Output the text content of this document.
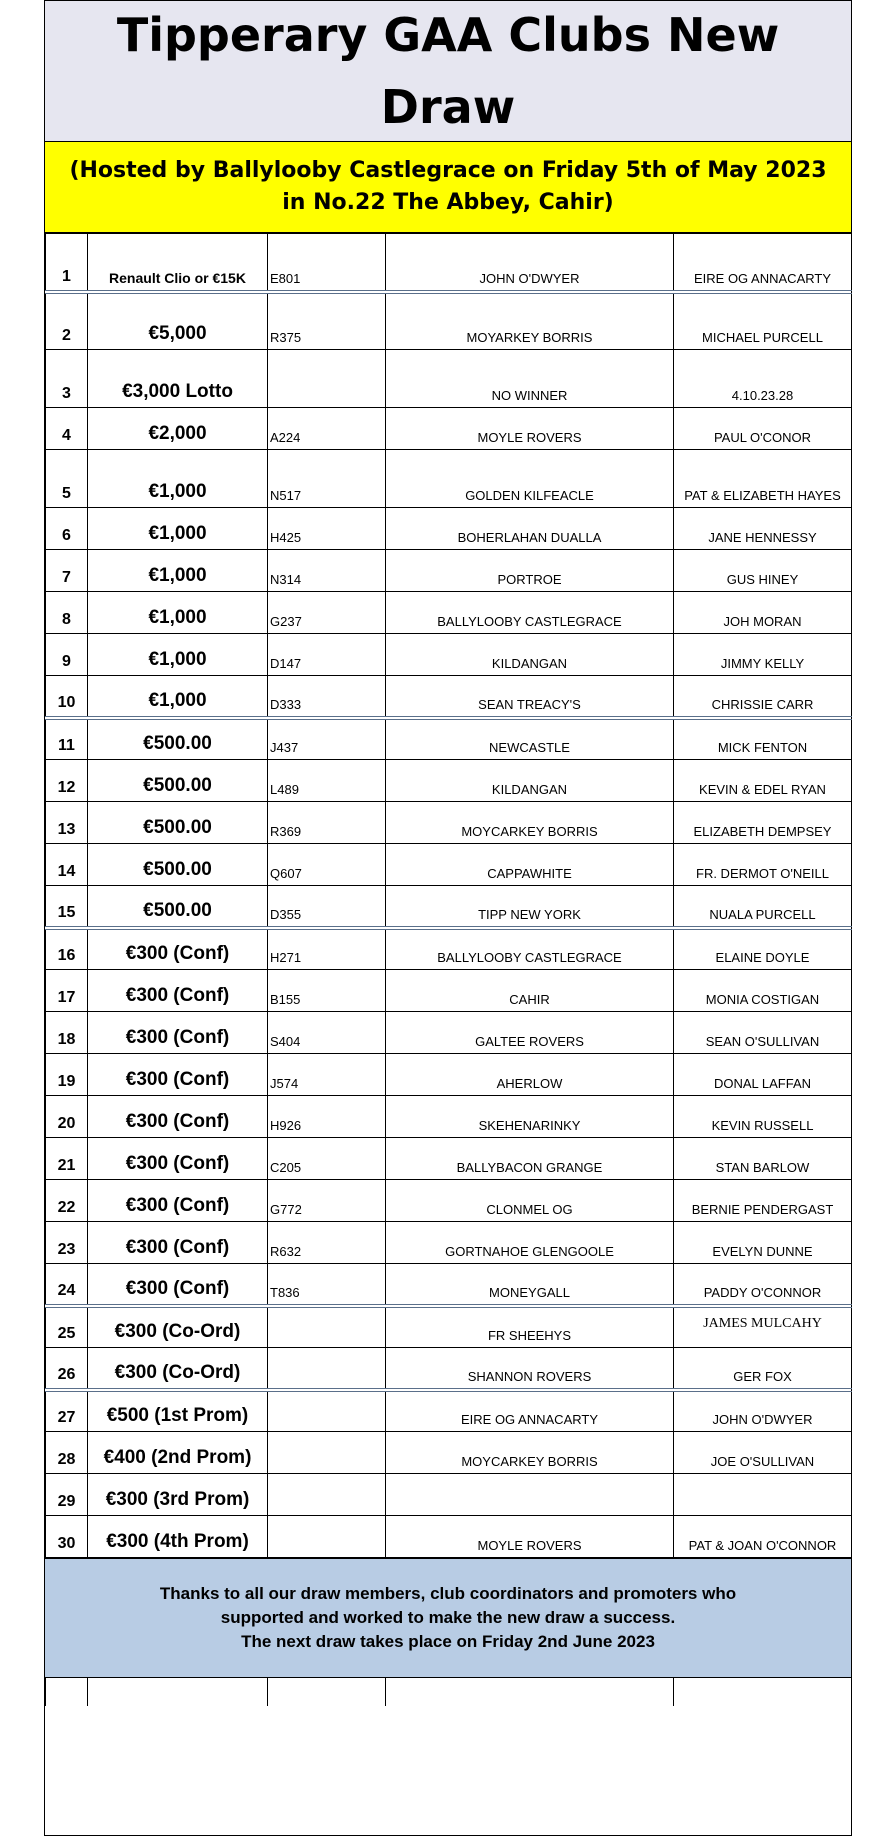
Tipperary GAA Clubs New Draw
(Hosted by Ballylooby Castlegrace on Friday 5th of May 2023 in No.22 The Abbey, Cahir)
1	Renault Clio or €15K	E801	JOHN O'DWYER	EIRE OG ANNACARTY
2	€5,000	R375	MOYARKEY BORRIS	MICHAEL PURCELL
3	€3,000 Lotto		NO WINNER	4.10.23.28
4	€2,000	A224	MOYLE ROVERS	PAUL O'CONOR
5	€1,000	N517	GOLDEN KILFEACLE	PAT & ELIZABETH HAYES
6	€1,000	H425	BOHERLAHAN DUALLA	JANE HENNESSY
7	€1,000	N314	PORTROE	GUS HINEY
8	€1,000	G237	BALLYLOOBY CASTLEGRACE	JOH MORAN
9	€1,000	D147	KILDANGAN	JIMMY KELLY
10	€1,000	D333	SEAN TREACY'S	CHRISSIE CARR
11	€500.00	J437	NEWCASTLE	MICK FENTON
12	€500.00	L489	KILDANGAN	KEVIN & EDEL RYAN
13	€500.00	R369	MOYCARKEY BORRIS	ELIZABETH DEMPSEY
14	€500.00	Q607	CAPPAWHITE	FR. DERMOT O'NEILL
15	€500.00	D355	TIPP NEW YORK	NUALA PURCELL
16	€300 (Conf)	H271	BALLYLOOBY CASTLEGRACE	ELAINE DOYLE
17	€300 (Conf)	B155	CAHIR	MONIA COSTIGAN
18	€300 (Conf)	S404	GALTEE ROVERS	SEAN O'SULLIVAN
19	€300 (Conf)	J574	AHERLOW	DONAL LAFFAN
20	€300 (Conf)	H926	SKEHENARINKY	KEVIN RUSSELL
21	€300 (Conf)	C205	BALLYBACON GRANGE	STAN BARLOW
22	€300 (Conf)	G772	CLONMEL OG	BERNIE PENDERGAST
23	€300 (Conf)	R632	GORTNAHOE GLENGOOLE	EVELYN DUNNE
24	€300 (Conf)	T836	MONEYGALL	PADDY O'CONNOR
25	€300 (Co-Ord)		FR SHEEHYS	JAMES MULCAHY
26	€300 (Co-Ord)		SHANNON ROVERS	GER FOX
27	€500 (1st Prom)		EIRE OG ANNACARTY	JOHN O'DWYER
28	€400 (2nd Prom)		MOYCARKEY BORRIS	JOE O'SULLIVAN
29	€300 (3rd Prom)			
30	€300 (4th Prom)		MOYLE ROVERS	PAT & JOAN O'CONNOR
Thanks to all our draw members, club coordinators and promoters who
supported and worked to make the new draw a success.
The next draw takes place on Friday 2nd June 2023
